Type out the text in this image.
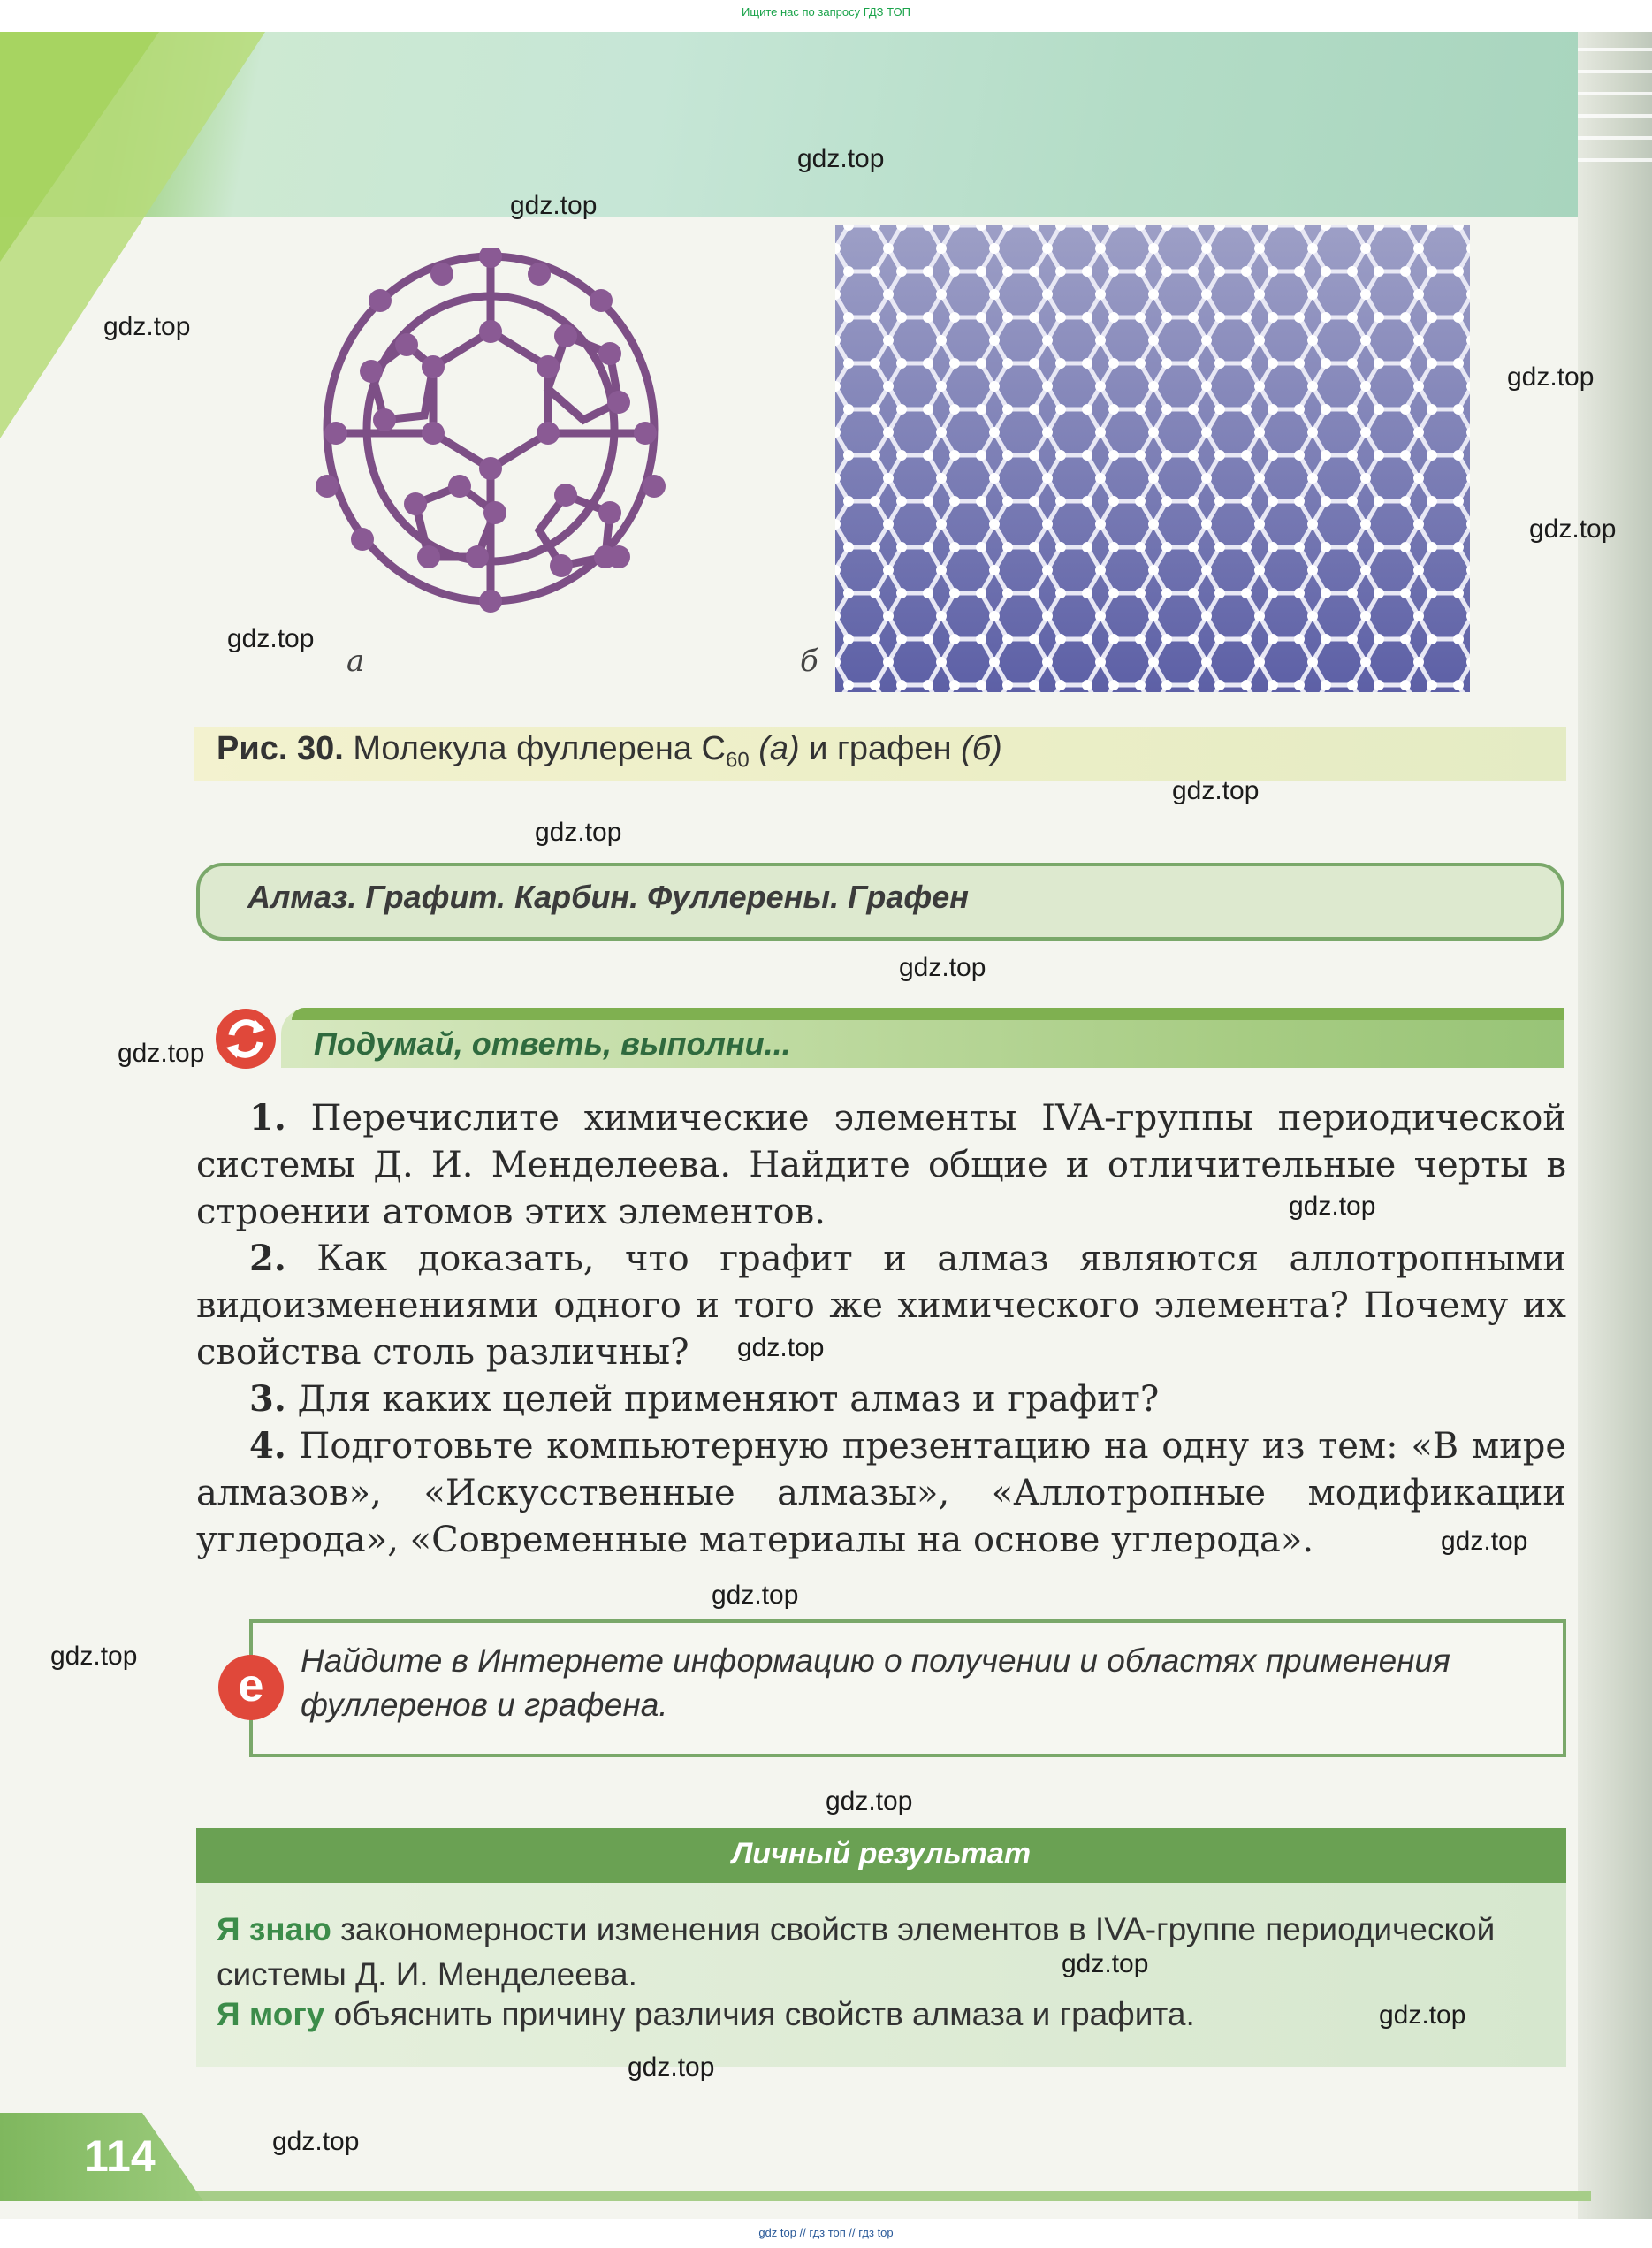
Ищите нас по запросу ГДЗ ТОП
а	б
Рис. 30. Молекула фуллерена $С_{60}$ (а) и графен (б)
Алмаз. Графит. Карбин. Фуллерены. Графен
Подумай, ответь, выполни...
1. Перечислите химические элементы IVA-группы периодической системы Д. И. Менделеева. Найдите общие и отличительные черты в строении атомов этих элементов.
2. Как доказать, что графит и алмаз являются аллотропными видоизменениями одного и того же химического элемента? Почему их свойства столь различны?
3. Для каких целей применяют алмаз и графит?
4. Подготовьте компьютерную презентацию на одну из тем: «В мире алмазов», «Искусственные алмазы», «Аллотропные модификации углерода», «Современные материалы на основе углерода».
e	Найдите в Интернете информацию о получении и областях применения фуллеренов и графена.
Личный результат
Я знаю закономерности изменения свойств элементов в IVA-группе периодической системы Д. И. Менделеева.
Я могу объяснить причину различия свойств алмаза и графита.
114
gdz top // гдз топ // гдз top
gdz.top
gdz.top
gdz.top
gdz.top
gdz.top
gdz.top
gdz.top
gdz.top
gdz.top
gdz.top
gdz.top
gdz.top
gdz.top
gdz.top
gdz.top
gdz.top
gdz.top
gdz.top
gdz.top
gdz.top
